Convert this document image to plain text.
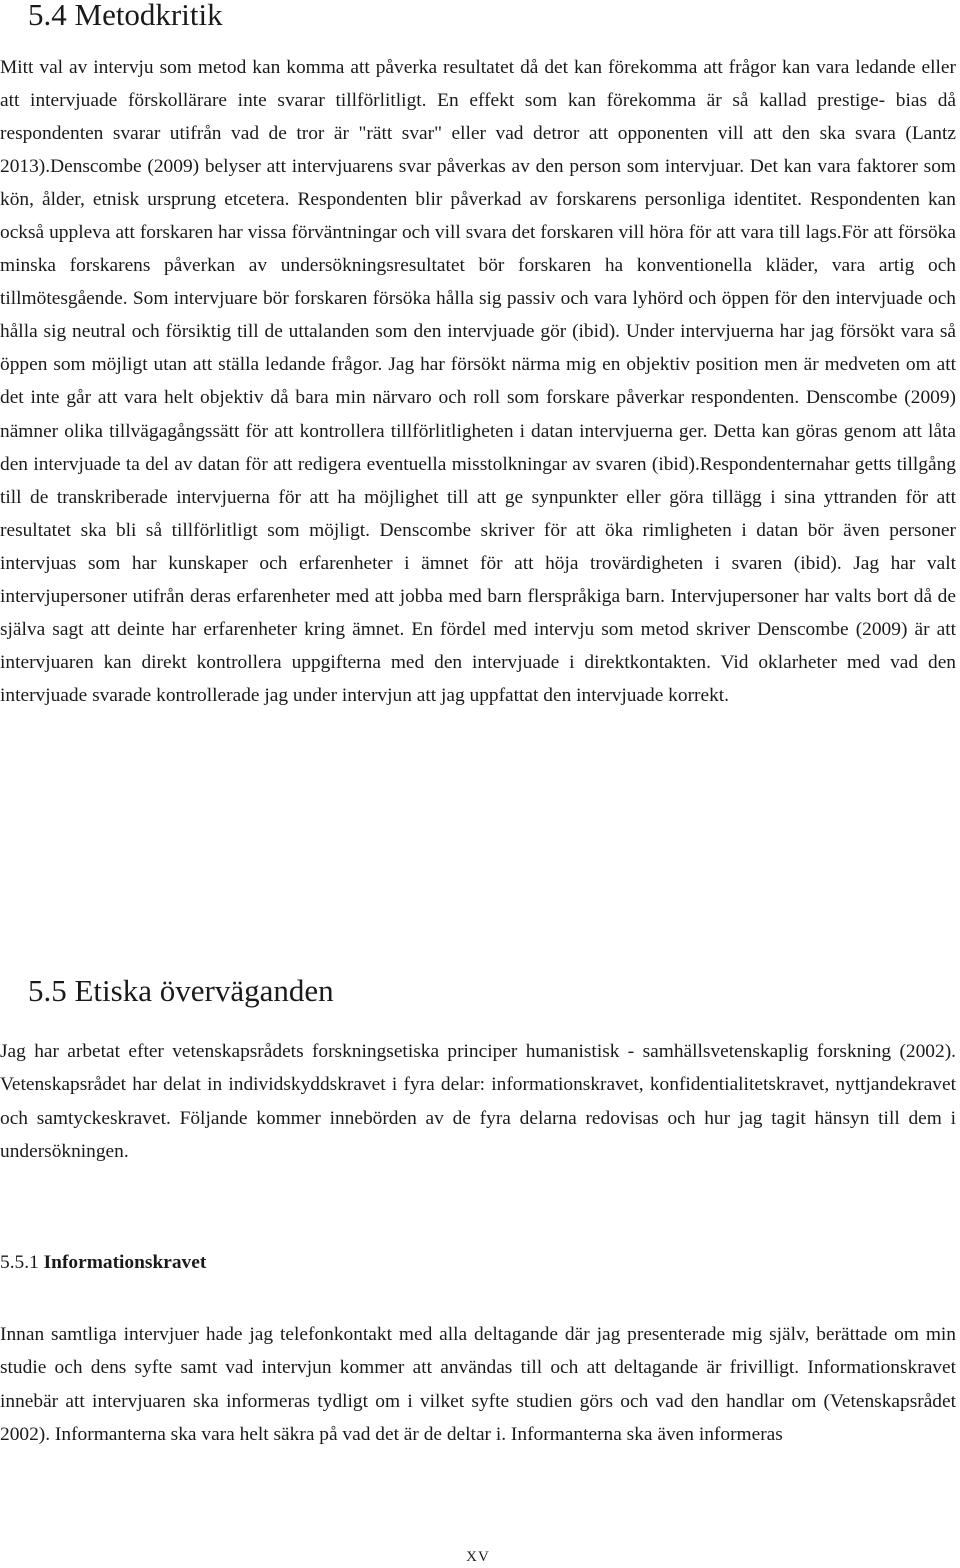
5.4 Metodkritik

Mitt val av intervju som metod kan komma att påverka resultatet då det kan förekomma att frågor kan vara ledande eller att intervjuade förskollärare inte svarar tillförlitligt. En effekt som kan förekomma är så kallad prestige- bias då respondenten svarar utifrån vad de tror är "rätt svar" eller vad detror att opponenten vill att den ska svara (Lantz 2013).Denscombe (2009) belyser att intervjuarens svar påverkas av den person som intervjuar. Det kan vara faktorer som kön, ålder, etnisk ursprung etcetera. Respondenten blir påverkad av forskarens personliga identitet. Respondenten kan också uppleva att forskaren har vissa förväntningar och vill svara det forskaren vill höra för att vara till lags.För att försöka minska forskarens påverkan av undersökningsresultatet bör forskaren ha konventionella kläder, vara artig och tillmötesgående. Som intervjuare bör forskaren försöka hålla sig passiv och vara lyhörd och öppen för den intervjuade och hålla sig neutral och försiktig till de uttalanden som den intervjuade gör (ibid). Under intervjuerna har jag försökt vara så öppen som möjligt utan att ställa ledande frågor. Jag har försökt närma mig en objektiv position men är medveten om att det inte går att vara helt objektiv då bara min närvaro och roll som forskare påverkar respondenten. Denscombe (2009) nämner olika tillvägagångssätt för att kontrollera tillförlitligheten i datan intervjuerna ger. Detta kan göras genom att låta den intervjuade ta del av datan för att redigera eventuella misstolkningar av svaren (ibid).Respondenternahar getts tillgång till de transkriberade intervjuerna för att ha möjlighet till att ge synpunkter eller göra tillägg i sina yttranden för att resultatet ska bli så tillförlitligt som möjligt. Denscombe skriver för att öka rimligheten i datan bör även personer intervjuas som har kunskaper och erfarenheter i ämnet för att höja trovärdigheten i svaren (ibid). Jag har valt intervjupersoner utifrån deras erfarenheter med att jobba med barn flerspråkiga barn. Intervjupersoner har valts bort då de själva sagt att deinte har erfarenheter kring ämnet. En fördel med intervju som metod skriver Denscombe (2009) är att intervjuaren kan direkt kontrollera uppgifterna med den intervjuade i direktkontakten. Vid oklarheter med vad den intervjuade svarade kontrollerade jag under intervjun att jag uppfattat den intervjuade korrekt.

5.5 Etiska överväganden

Jag har arbetat efter vetenskapsrådets forskningsetiska principer humanistisk - samhällsvetenskaplig forskning (2002). Vetenskapsrådet har delat in individskyddskravet i fyra delar: informationskravet, konfidentialitetskravet, nyttjandekravet och samtyckeskravet. Följande kommer innebörden av de fyra delarna redovisas och hur jag tagit hänsyn till dem i undersökningen.

5.5.1 Informationskravet

Innan samtliga intervjuer hade jag telefonkontakt med alla deltagande där jag presenterade mig själv, berättade om min studie och dens syfte samt vad intervjun kommer att användas till och att deltagande är frivilligt. Informationskravet innebär att intervjuaren ska informeras tydligt om i vilket syfte studien görs och vad den handlar om (Vetenskapsrådet 2002). Informanterna ska vara helt säkra på vad det är de deltar i. Informanterna ska även informeras

XV
